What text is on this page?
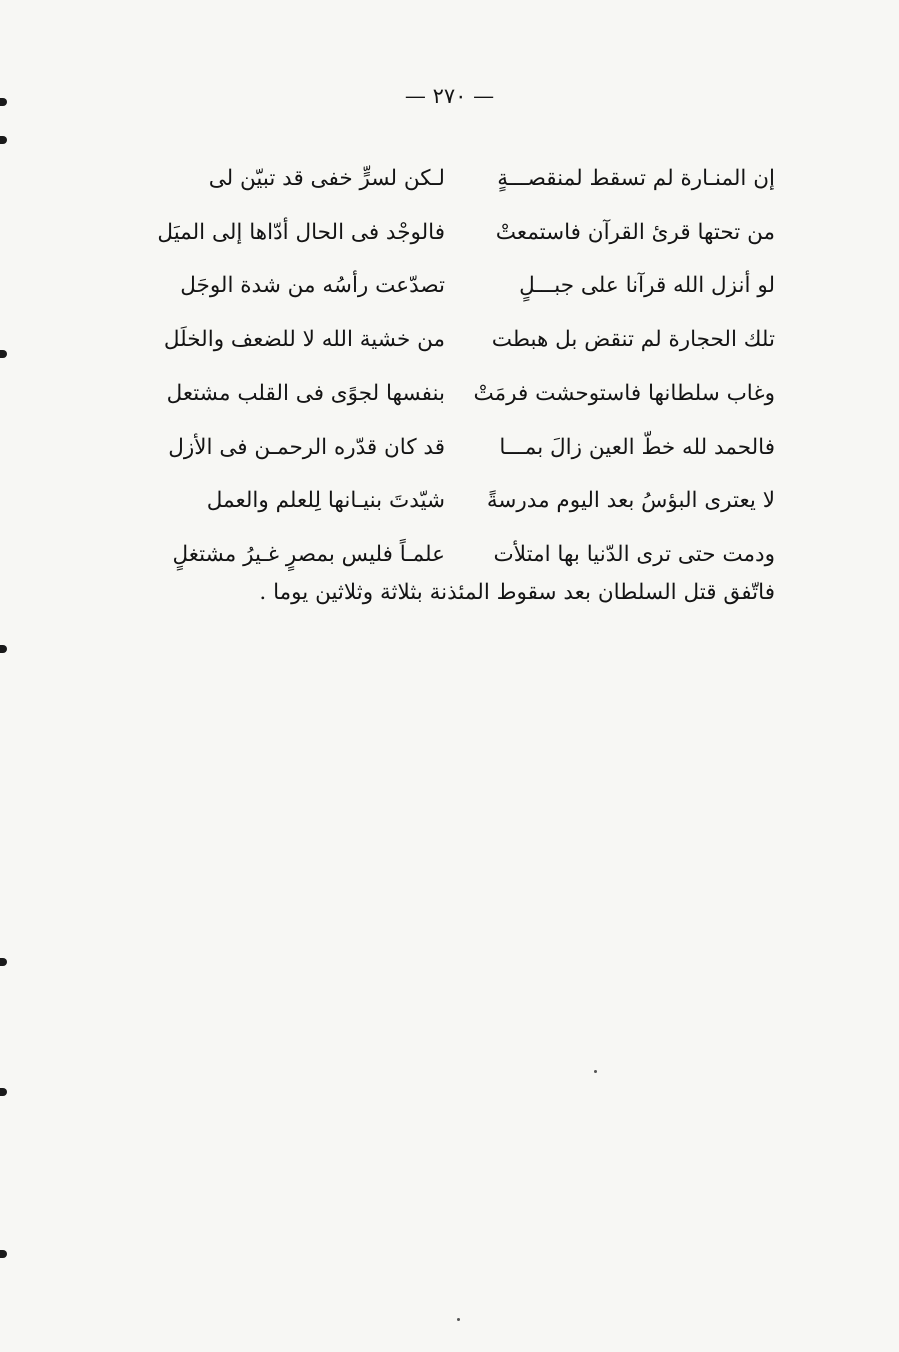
— ٢٧٠ —
إن المنـارة لم تسقط لمنقصـــةٍ
لـكن لسرٍّ خفى قد تبيّن لى
من تحتها قرئ القرآن فاستمعتْ
فالوجْد فى الحال أدّاها إلى الميَل
لو أنزل الله قرآنا على جبـــلٍ
تصدّعت رأسُه من شدة الوجَل
تلك الحجارة لم تنقض بل هبطت
من خشية الله لا للضعف والخلَل
وغاب سلطانها فاستوحشت فرمَتْ
بنفسها لجوًى فى القلب مشتعل
فالحمد لله خطّ العين زالَ بمـــا
قد كان قدّره الرحمـن فى الأزل
لا يعترى البؤسُ بعد اليوم مدرسةً
شيّدتَ بنيـانها لِلعلم والعمل
ودمت حتى ترى الدّنيا بها امتلأت
علمـاً فليس بمصرٍ غـيرُ مشتغلٍ
فاتّفق قتل السلطان بعد سقوط المئذنة بثلاثة وثلاثين يوما .
